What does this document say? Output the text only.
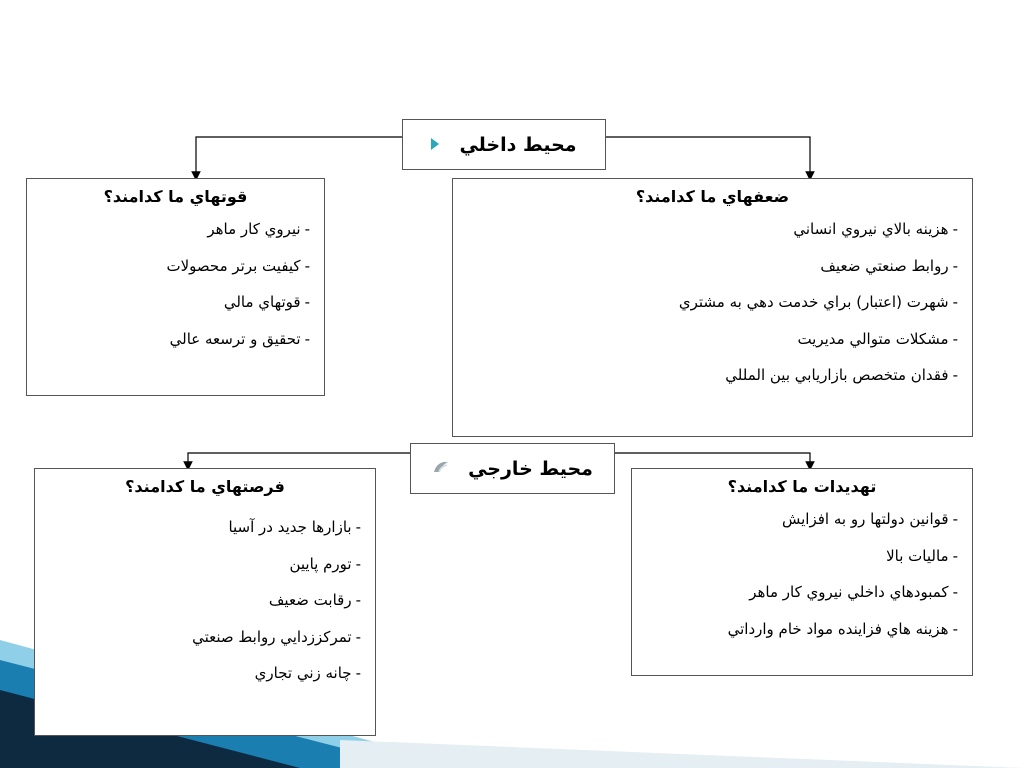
محيط داخلي
قوتهاي ما كدامند؟
-نيروي كار ماهر
-كيفيت برتر محصولات
-قوتهاي مالي
-تحقيق و ترسعه عالي
ضعفهاي ما كدامند؟
-هزينه بالاي نيروي انساني
-روابط صنعتي ضعيف
-شهرت (اعتبار) براي خدمت دهي به مشتري
-مشكلات متوالي مديريت
-فقدان متخصص بازاريابي بين المللي
محيط خارجي
فرصتهاي ما كدامند؟
-بازارها جديد در آسيا
-تورم پايين
-رقابت ضعيف
-تمركززدايي روابط صنعتي
-چانه زني تجاري
تهديدات ما كدامند؟
-قوانين دولتها رو به افزايش
-ماليات بالا
-كمبودهاي داخلي نيروي كار ماهر
-هزينه هاي فزاينده مواد خام وارداتي
